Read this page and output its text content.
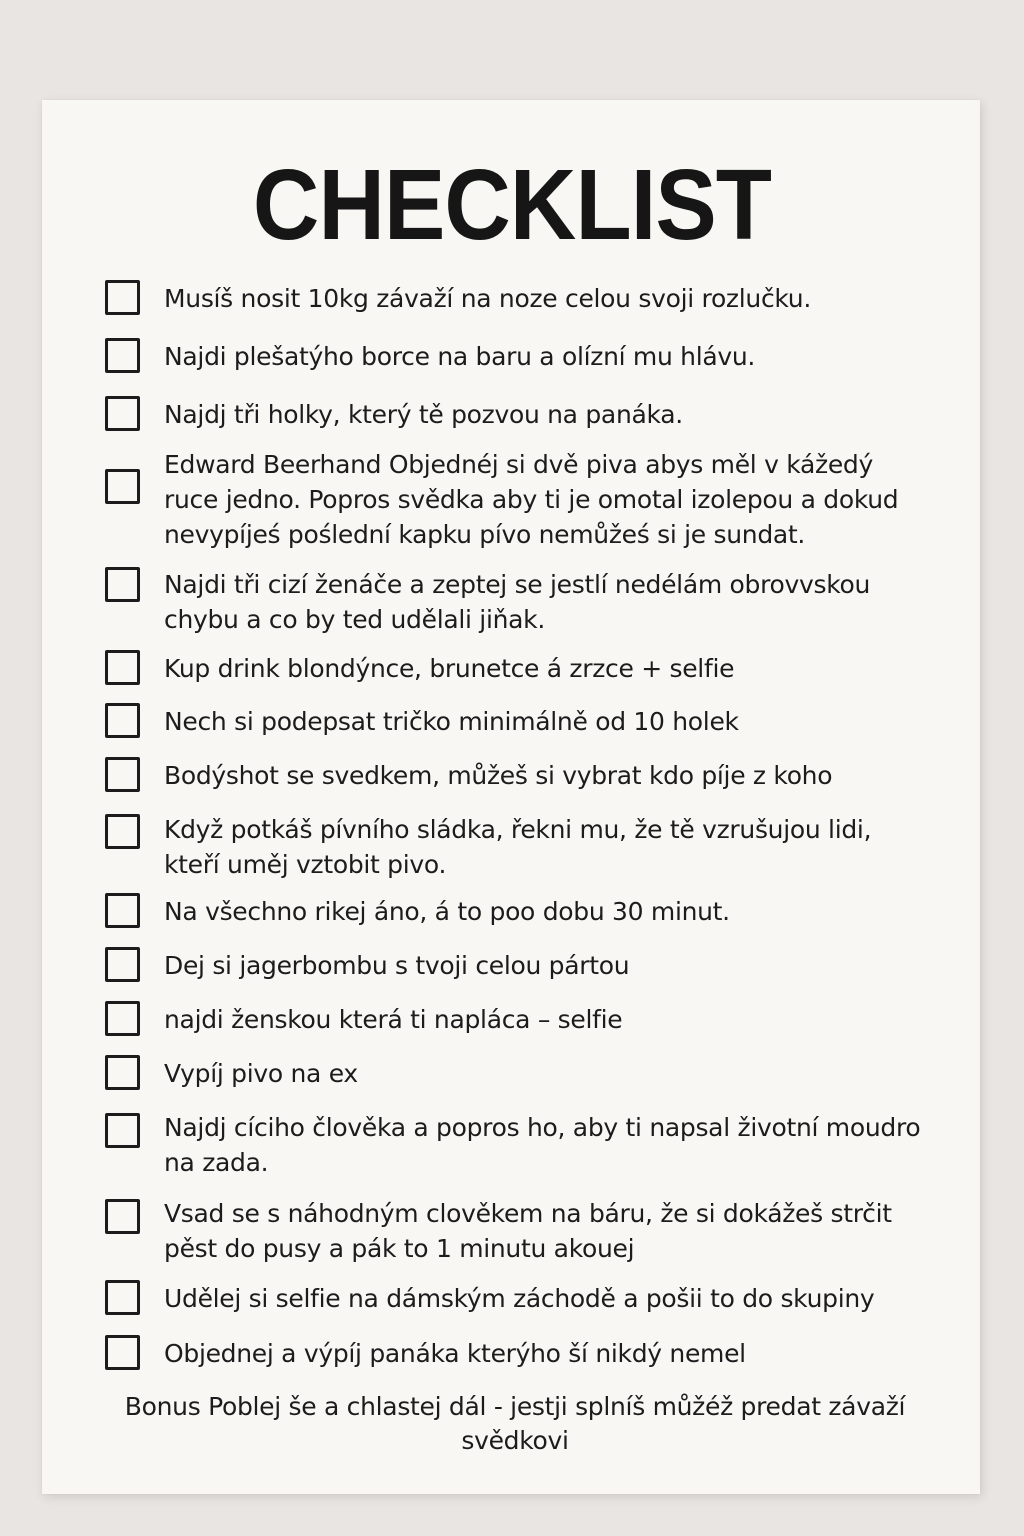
CHECKLIST
Musíš nosit 10kg závaží na noze celou svoji rozlučku.
Najdi plešatýho borce na baru a olízní mu hlávu.
Najdj tři holky, který tě pozvou na panáka.
Edward Beerhand Objednéj si dvě piva abys měl v kážedý
ruce jedno. Popros svědka aby ti je omotal izolepou a dokud
nevypíjeś poślední kapku pívo nemůžeś si je sundat.
Najdi tři cizí ženáče a zeptej se jestlí nedélám obrovvskou
chybu a co by ted udělali jiňak.
Kup drink blondýnce, brunetce á zrzce + selfie
Nech si podepsat tričko minimálně od 10 holek
Bodýshot se svedkem, můžeš si vybrat kdo píje z koho
Když potkáš pívního sládka, řekni mu, že tě vzrušujou lidi,
kteří uměj vztobit pivo.
Na všechno rikej áno, á to poo dobu 30 minut.
Dej si jagerbombu s tvoji celou pártou
najdi ženskou která ti napláca – selfie
Vypíj pivo na ex
Najdj cíciho člověka a popros ho, aby ti napsal životní moudro
na zada.
Vsad se s náhodným clověkem na báru, že si dokážeš strčit
pěst do pusy a pák to 1 minutu akouej
Udělej si selfie na dámským záchodě a pošii to do skupiny
Objednej a výpíj panáka kterýho ší nikdý nemel
Bonus Poblej še a chlastej dál - jestji splníš můžéž predat závaží
svědkovi
